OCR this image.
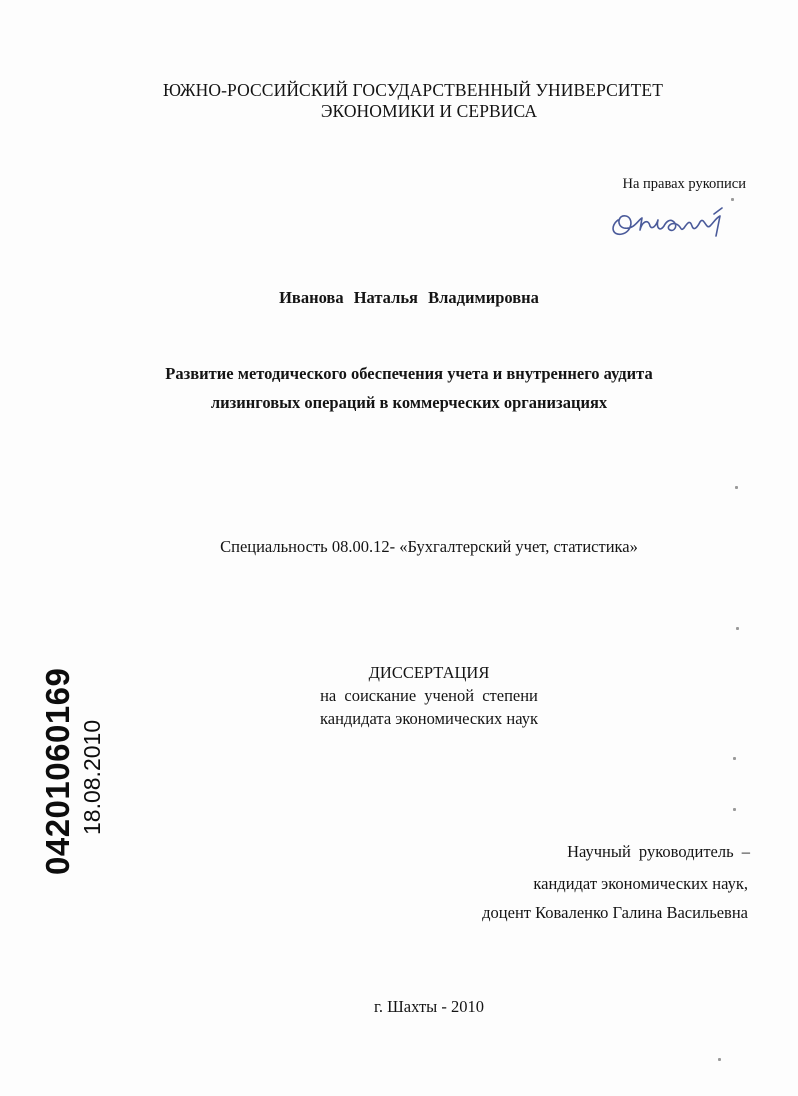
ЮЖНО-РОССИЙСКИЙ ГОСУДАРСТВЕННЫЙ УНИВЕРСИТЕТ
ЭКОНОМИКИ И СЕРВИСА
На правах рукописи
Иванова Наталья Владимировна
Развитие методического обеспечения учета и внутреннего аудита
лизинговых операций в коммерческих организациях
Специальность 08.00.12- «Бухгалтерский учет, статистика»
ДИССЕРТАЦИЯ
на соискание ученой степени
кандидата экономических наук
Научный руководитель –
кандидат экономических наук,
доцент Коваленко Галина Васильевна
г. Шахты - 2010
04201060169 18.08.2010
